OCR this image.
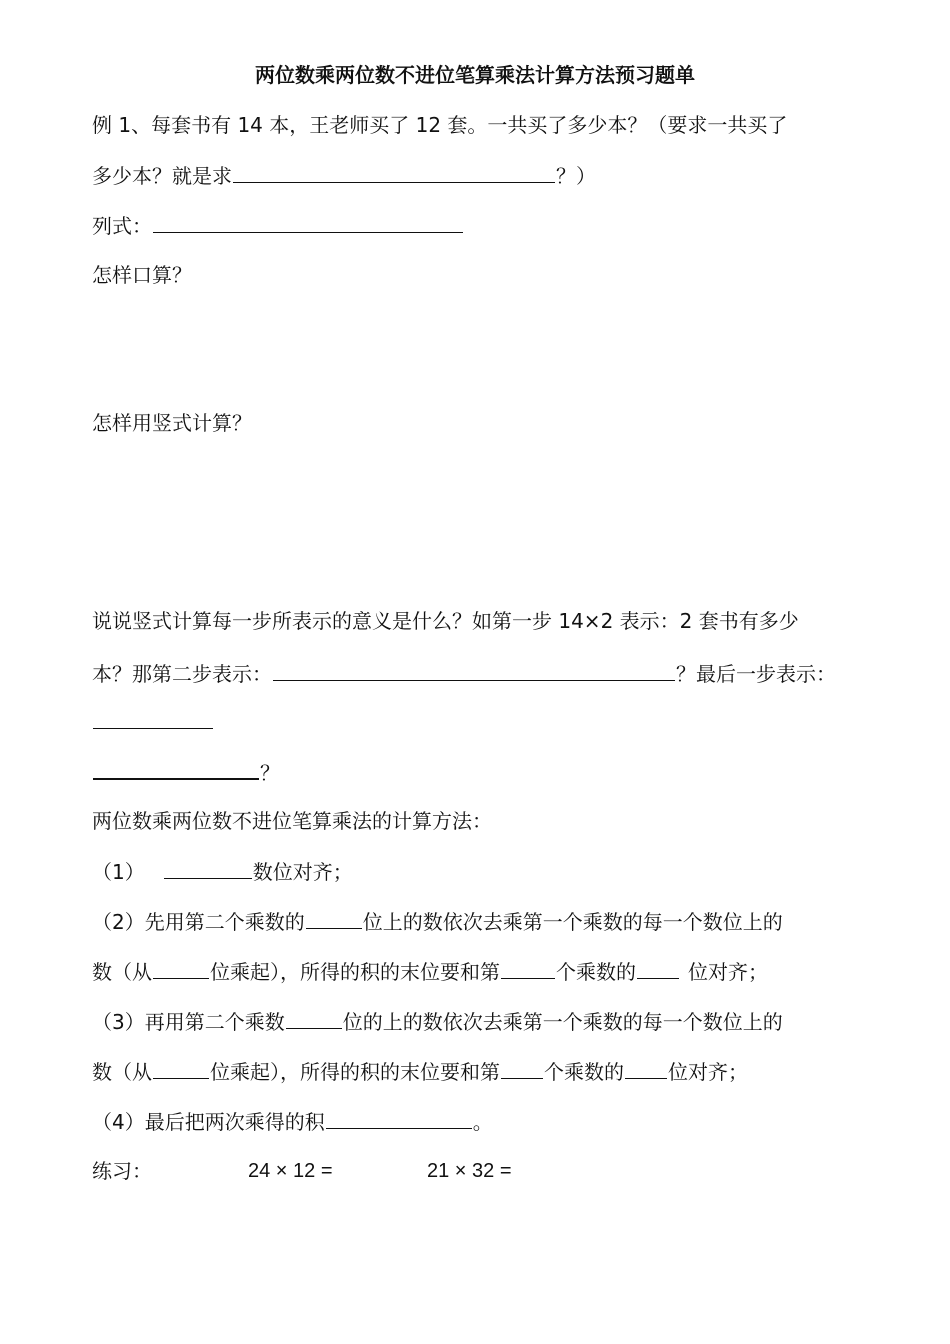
两位数乘两位数不进位笔算乘法计算方法预习题单
例 1、每套书有 14 本，王老师买了 12 套。一共买了多少本？（要求一共买了
多少本？就是求	？）
列式：
怎样口算？
怎样用竖式计算？
说说竖式计算每一步所表示的意义是什么？如第一步 14×2 表示：2 套书有多少
本？那第二步表示：	？最后一步表示：
？
两位数乘两位数不进位笔算乘法的计算方法：
（1）	数位对齐；
（2）先用第二个乘数的	位上的数依次去乘第一个乘数的每一个数位上的
数（从	位乘起），所得的积的末位要和第	个乘数的	位对齐；
（3）再用第二个乘数	位的上的数依次去乘第一个乘数的每一个数位上的
数（从	位乘起），所得的积的末位要和第 个乘数的 位对齐；
（4）最后把两次乘得的积	。
练习：	24 × 12 =	21 × 32 =
